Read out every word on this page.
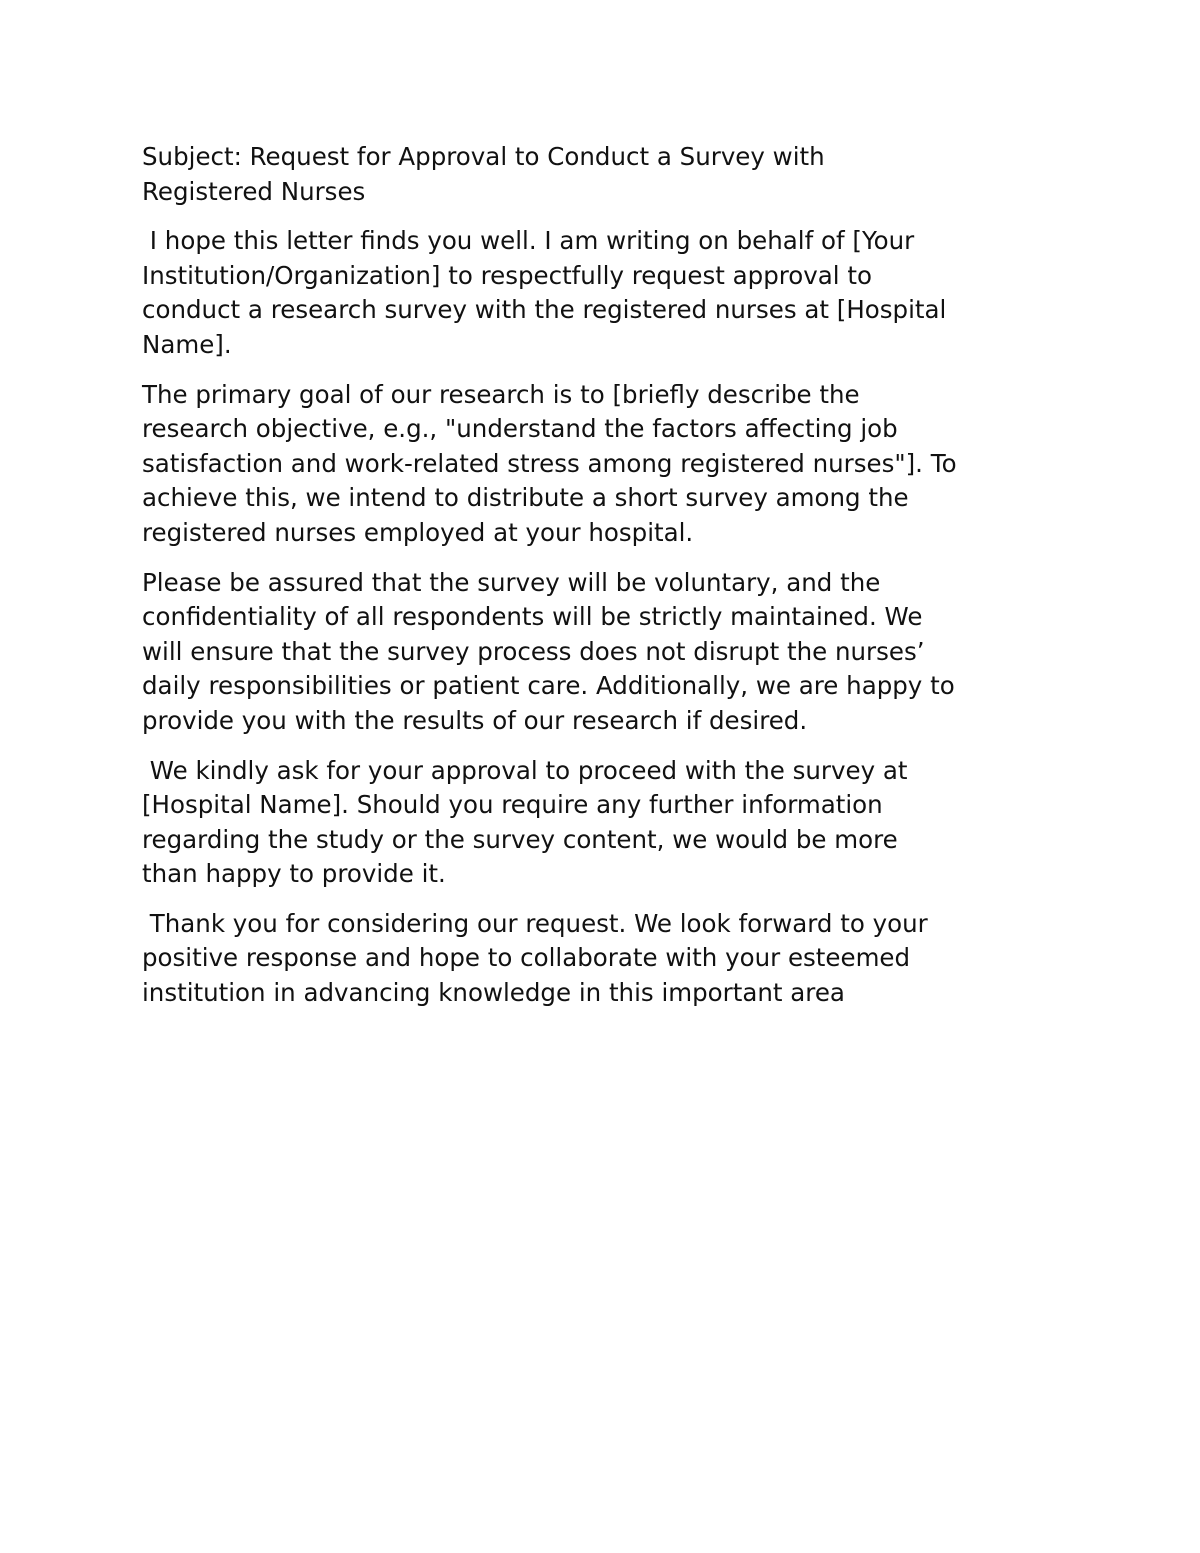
Subject: Request for Approval to Conduct a Survey with
Registered Nurses

I hope this letter finds you well. I am writing on behalf of [Your
Institution/Organization] to respectfully request approval to
conduct a research survey with the registered nurses at [Hospital
Name].

The primary goal of our research is to [briefly describe the
research objective, e.g., "understand the factors affecting job
satisfaction and work-related stress among registered nurses"]. To
achieve this, we intend to distribute a short survey among the
registered nurses employed at your hospital.

Please be assured that the survey will be voluntary, and the
confidentiality of all respondents will be strictly maintained. We
will ensure that the survey process does not disrupt the nurses’
daily responsibilities or patient care. Additionally, we are happy to
provide you with the results of our research if desired.

We kindly ask for your approval to proceed with the survey at
[Hospital Name]. Should you require any further information
regarding the study or the survey content, we would be more
than happy to provide it.

Thank you for considering our request. We look forward to your
positive response and hope to collaborate with your esteemed
institution in advancing knowledge in this important area
